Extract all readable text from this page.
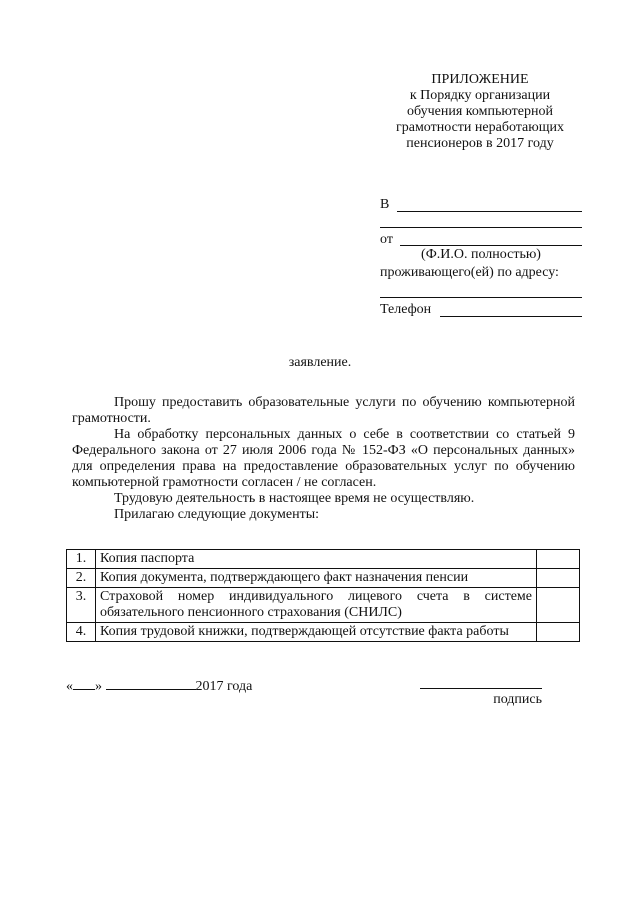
ПРИЛОЖЕНИЕ
к Порядку организации
обучения компьютерной
грамотности неработающих
пенсионеров в 2017 году
В
от
(Ф.И.О. полностью)
проживающего(ей) по адресу:
Телефон
заявление.

Прошу предоставить образовательные услуги по обучению компьютерной грамотности.

На обработку персональных данных о себе в соответствии со статьей 9 Федерального закона от 27 июля 2006 года № 152-ФЗ «О персональных данных» для определения права на предоставление образовательных услуг по обучению компьютерной грамотности согласен / не согласен.

Трудовую деятельность в настоящее время не осуществляю.

Прилагаю следующие документы:

1.	Копия паспорта	
2.	Копия документа, подтверждающего факт назначения пенсии	
3.	Страховой номер индивидуального лицевого счета в системе обязательного пенсионного страхования (СНИЛС)	
4.	Копия трудовой книжки, подтверждающей отсутствие факта работы	
« »	2017 года
подпись
